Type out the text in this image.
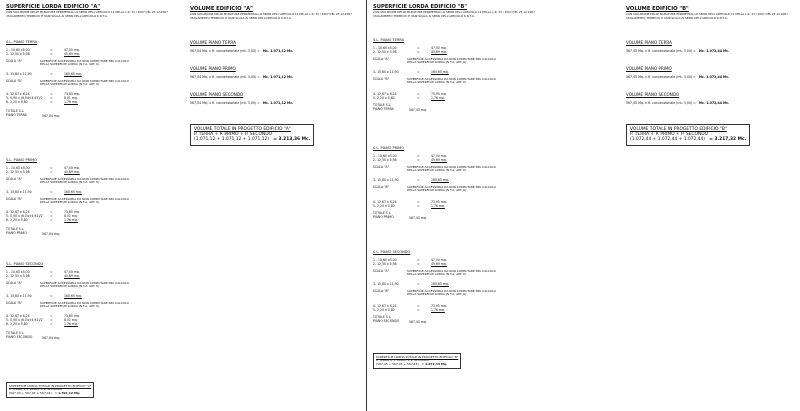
SUPERFICIE LORDA EDIFICIO "A"
CON SOLUZIONE DELLE MURATURE PERIMETRALI AI SENSI DELL'ARTICOLO 12 DELLA L.R. 33 / 2007 DEL 25.12.2007 (ISOLAMENTO TERMICO) E VANI SCALA AI SENSI DELL'ARTICOLO 6 N.T.A.
S.L. PIANO TERRA
1 - 10,60 x5,00	=	47,50 mq.
2- 12,50 x 5,98	=	45,69 mq.
SCALA "A"	SUPERFICIE ACCESSORIA DA NON COMPUTARE NEL CALCOLO DELLA SUPERFICIE LORDA (N.T.A. ART. 6)
3- 15,80 x 11,90	=	160,65 mq.
SCALA "B"	SUPERFICIE ACCESSORIA DA NON COMPUTARE NEL CALCOLO DELLA SUPERFICIE LORDA (N.T.A. ART. 6)
4- 12,67 x 6,24	=	73,85 mq.
5- 0,90 x (6,54+4,92)/2 =	8,01 mq.
6- 2,20 x 0,80	=	1,76 mq.
TOTALE S.L.
PIANO TERRA	567,04 mq.
S.L. PIANO PRIMO
1 - 10,60 x5,00	=	47,50 mq.
2- 12,50 x 5,98	=	45,69 mq.
SCALA "A"	SUPERFICIE ACCESSORIA DA NON COMPUTARE NEL CALCOLO DELLA SUPERFICIE LORDA (N.T.A. ART. 6)
3- 15,80 x 11,90	=	160,65 mq.
SCALA "B"	SUPERFICIE ACCESSORIA DA NON COMPUTARE NEL CALCOLO DELLA SUPERFICIE LORDA (N.T.A. ART. 6)
4- 12,67 x 6,24	=	73,85 mq.
5- 0,90 x (6,54+4,92)/2 =	8,01 mq.
6- 2,20 x 0,80	=	1,76 mq.
TOTALE S.L.
PIANO PRIMO	567,04 mq.
S.L. PIANO SECONDO
1 - 10,60 x5,00	=	47,50 mq.
2- 12,50 x 5,98	=	45,69 mq.
SCALA "A"	SUPERFICIE ACCESSORIA DA NON COMPUTARE NEL CALCOLO DELLA SUPERFICIE LORDA (N.T.A. ART. 6)
3- 15,80 x 11,90	=	160,65 mq.
SCALA "B"	SUPERFICIE ACCESSORIA DA NON COMPUTARE NEL CALCOLO DELLA SUPERFICIE LORDA (N.T.A. ART. 6)
4- 12,67 x 6,24	=	73,85 mq.
5- 0,90 x (6,54+4,92)/2 =	8,01 mq.
6- 2,20 x 0,80	=	1,76 mq.
TOTALE S.L.
PIANO SECONDO	567,04 mq.
SUPERFICIE LORDA TOTALE IN PROGETTO EDIFICIO "A"
P. TERRA + P. PRIMO + P. SECONDO
(567,04 + 567,04 + 567,04) = 1.701,12 Mq.
VOLUME EDIFICIO "A"
CON SOLUZIONE DELLE MURATURE PERIMETRALI AI SENSI DELL'ARTICOLO 12 DELLA L.R. 33 / 2007 DEL 25.12.2007 (ISOLAMENTO TERMICO) E VANI SCALA AI SENSI DELL'ARTICOLO 6 N.T.A.
VOLUME PIANO TERRA
567,04 Mq. x H. convenzionale (mt. 3,00) = Mc. 1.071,12 Mc.
VOLUME PIANO PRIMO
567,04 Mq. x H. convenzionale (mt. 3,00) = Mc. 1.071,12 Mc.
VOLUME PIANO SECONDO
567,04 Mq. x H. convenzionale (mt. 3,00) = Mc. 1.071,12 Mc.
VOLUME TOTALE IN PROGETTO EDIFICIO "A"
P. TERRA + P. PRIMO + P. SECONDO
(1.071,12 + 1.071,12 + 1.071,12) = 3.213,36 Mc.
SUPERFICIE LORDA EDIFICIO "B"
CON SOLUZIONE DELLE MURATURE PERIMETRALI AI SENSI DELL'ARTICOLO 12 DELLA L.R. 33 / 2007 DEL 25.12.2007 (ISOLAMENTO TERMICO) E VANI SCALA AI SENSI DELL'ARTICOLO 6 N.T.A.
S.L. PIANO TERRA
1 - 10,60 x5,00	=	47,50 mq.
2- 12,50 x 5,98	=	45,69 mq.
SCALA "A"	SUPERFICIE ACCESSORIA DA NON COMPUTARE NEL CALCOLO DELLA SUPERFICIE LORDA (N.T.A. ART. 6)
3- 15,80 x 11,90	=	160,65 mq.
SCALA "B"	SUPERFICIE ACCESSORIA DA NON COMPUTARE NEL CALCOLO DELLA SUPERFICIE LORDA (N.T.A. ART. 6)
4- 12,67 x 6,24	=	75,95 mq.
5- 2,20 x 0,80	=	1,76 mq.
TOTALE S.L.
PIANO TERRA	567,45 mq.
S.L. PIANO PRIMO
1 - 10,60 x5,00	=	47,50 mq.
2- 12,50 x 5,98	=	45,69 mq.
SCALA "A"	SUPERFICIE ACCESSORIA DA NON COMPUTARE NEL CALCOLO DELLA SUPERFICIE LORDA (N.T.A. ART. 6)
3- 15,80 x 11,90	=	160,65 mq.
SCALA "B"	SUPERFICIE ACCESSORIA DA NON COMPUTARE NEL CALCOLO DELLA SUPERFICIE LORDA (N.T.A. ART. 6)
4- 12,67 x 6,24	=	75,95 mq.
5- 2,20 x 0,80	=	1,76 mq.
TOTALE S.L.
PIANO PRIMO	567,45 mq.
S.L. PIANO SECONDO
1 - 10,60 x5,00	=	47,50 mq.
2- 12,50 x 5,98	=	45,69 mq.
SCALA "A"	SUPERFICIE ACCESSORIA DA NON COMPUTARE NEL CALCOLO DELLA SUPERFICIE LORDA (N.T.A. ART. 6)
3- 15,80 x 11,90	=	160,65 mq.
SCALA "B"	SUPERFICIE ACCESSORIA DA NON COMPUTARE NEL CALCOLO DELLA SUPERFICIE LORDA (N.T.A. ART. 6)
4- 12,67 x 6,01	=	75,95 mq.
5- 2,20 x 0,80	=	1,76 mq.
TOTALE S.L.
PIANO SECONDO	567,45 mq.
SUPERFICIE LORDA TOTALE IN PROGETTO EDIFICIO "B"
P. TERRA + P. PRIMO + P. SECONDO
(567,45 + 567,45 + 567,45) = 1.072,44 Mq.
VOLUME EDIFICIO "B"
CON SOLUZIONE DELLE MURATURE PERIMETRALI AI SENSI DELL'ARTICOLO 12 DELLA L.R. 33 / 2007 DEL 25.12.2007 (ISOLAMENTO TERMICO) E VANI SCALA AI SENSI DELL'ARTICOLO 6 N.T.A.
VOLUME PIANO TERRA
567,45 Mq. x H. convenzionale (mt. 3,00) = Mc. 1.072,44 Mc.
VOLUME PIANO PRIMO
567,45 Mq. x H. convenzionale (mt. 3,00) = Mc. 1.072,44 Mc.
VOLUME PIANO SECONDO
567,45 Mq. x H. convenzionale (mt. 3,00) = Mc. 1.072,44 Mc.
VOLUME TOTALE IN PROGETTO EDIFICIO "B"
P. TERRA + P. PRIMO + P. SECONDO
(1.072,44 + 1.072,44 + 1.072,44) = 3.217,32 Mc.
